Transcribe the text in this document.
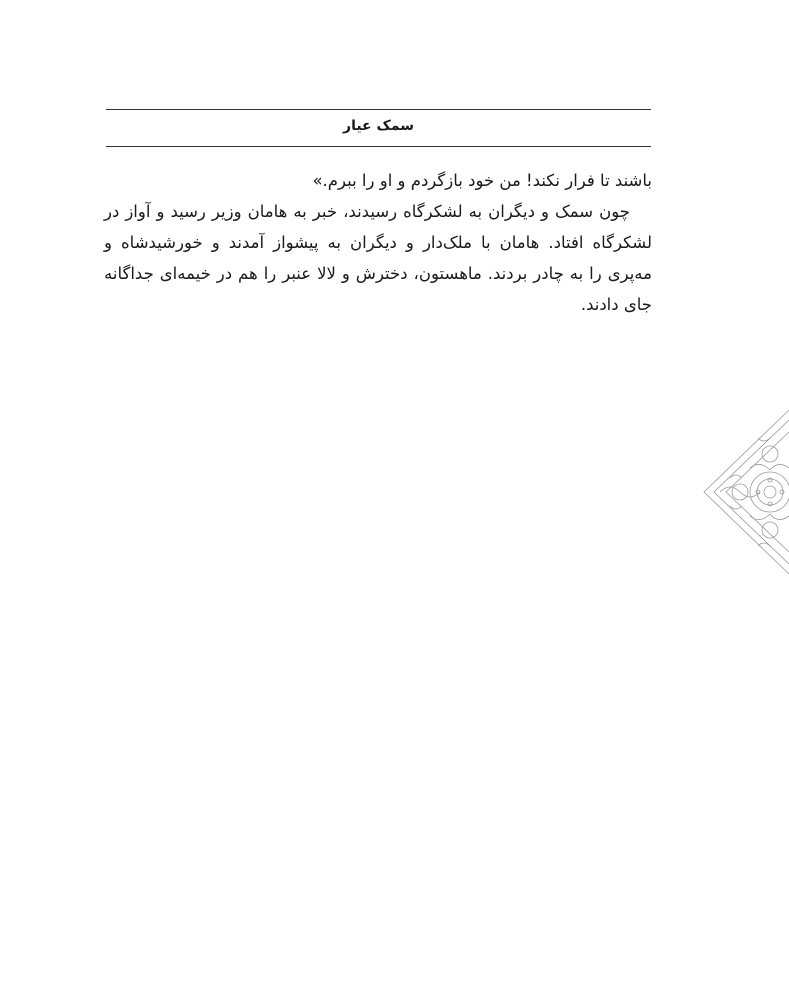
سمک عیار

باشند تا فرار نکند! من خود بازگردم و او را ببرم.»

چون سمک و دیگران به لشکرگاه رسیدند، خبر به هامان وزیر رسید و آواز در لشکرگاه افتاد. هامان با ملک‌دار و دیگران به پیشواز آمدند و خورشیدشاه و مه‌پری را به چادر بردند. ماهستون، دخترش و لالا عنبر را هم در خیمه‌ای جداگانه جای دادند.
